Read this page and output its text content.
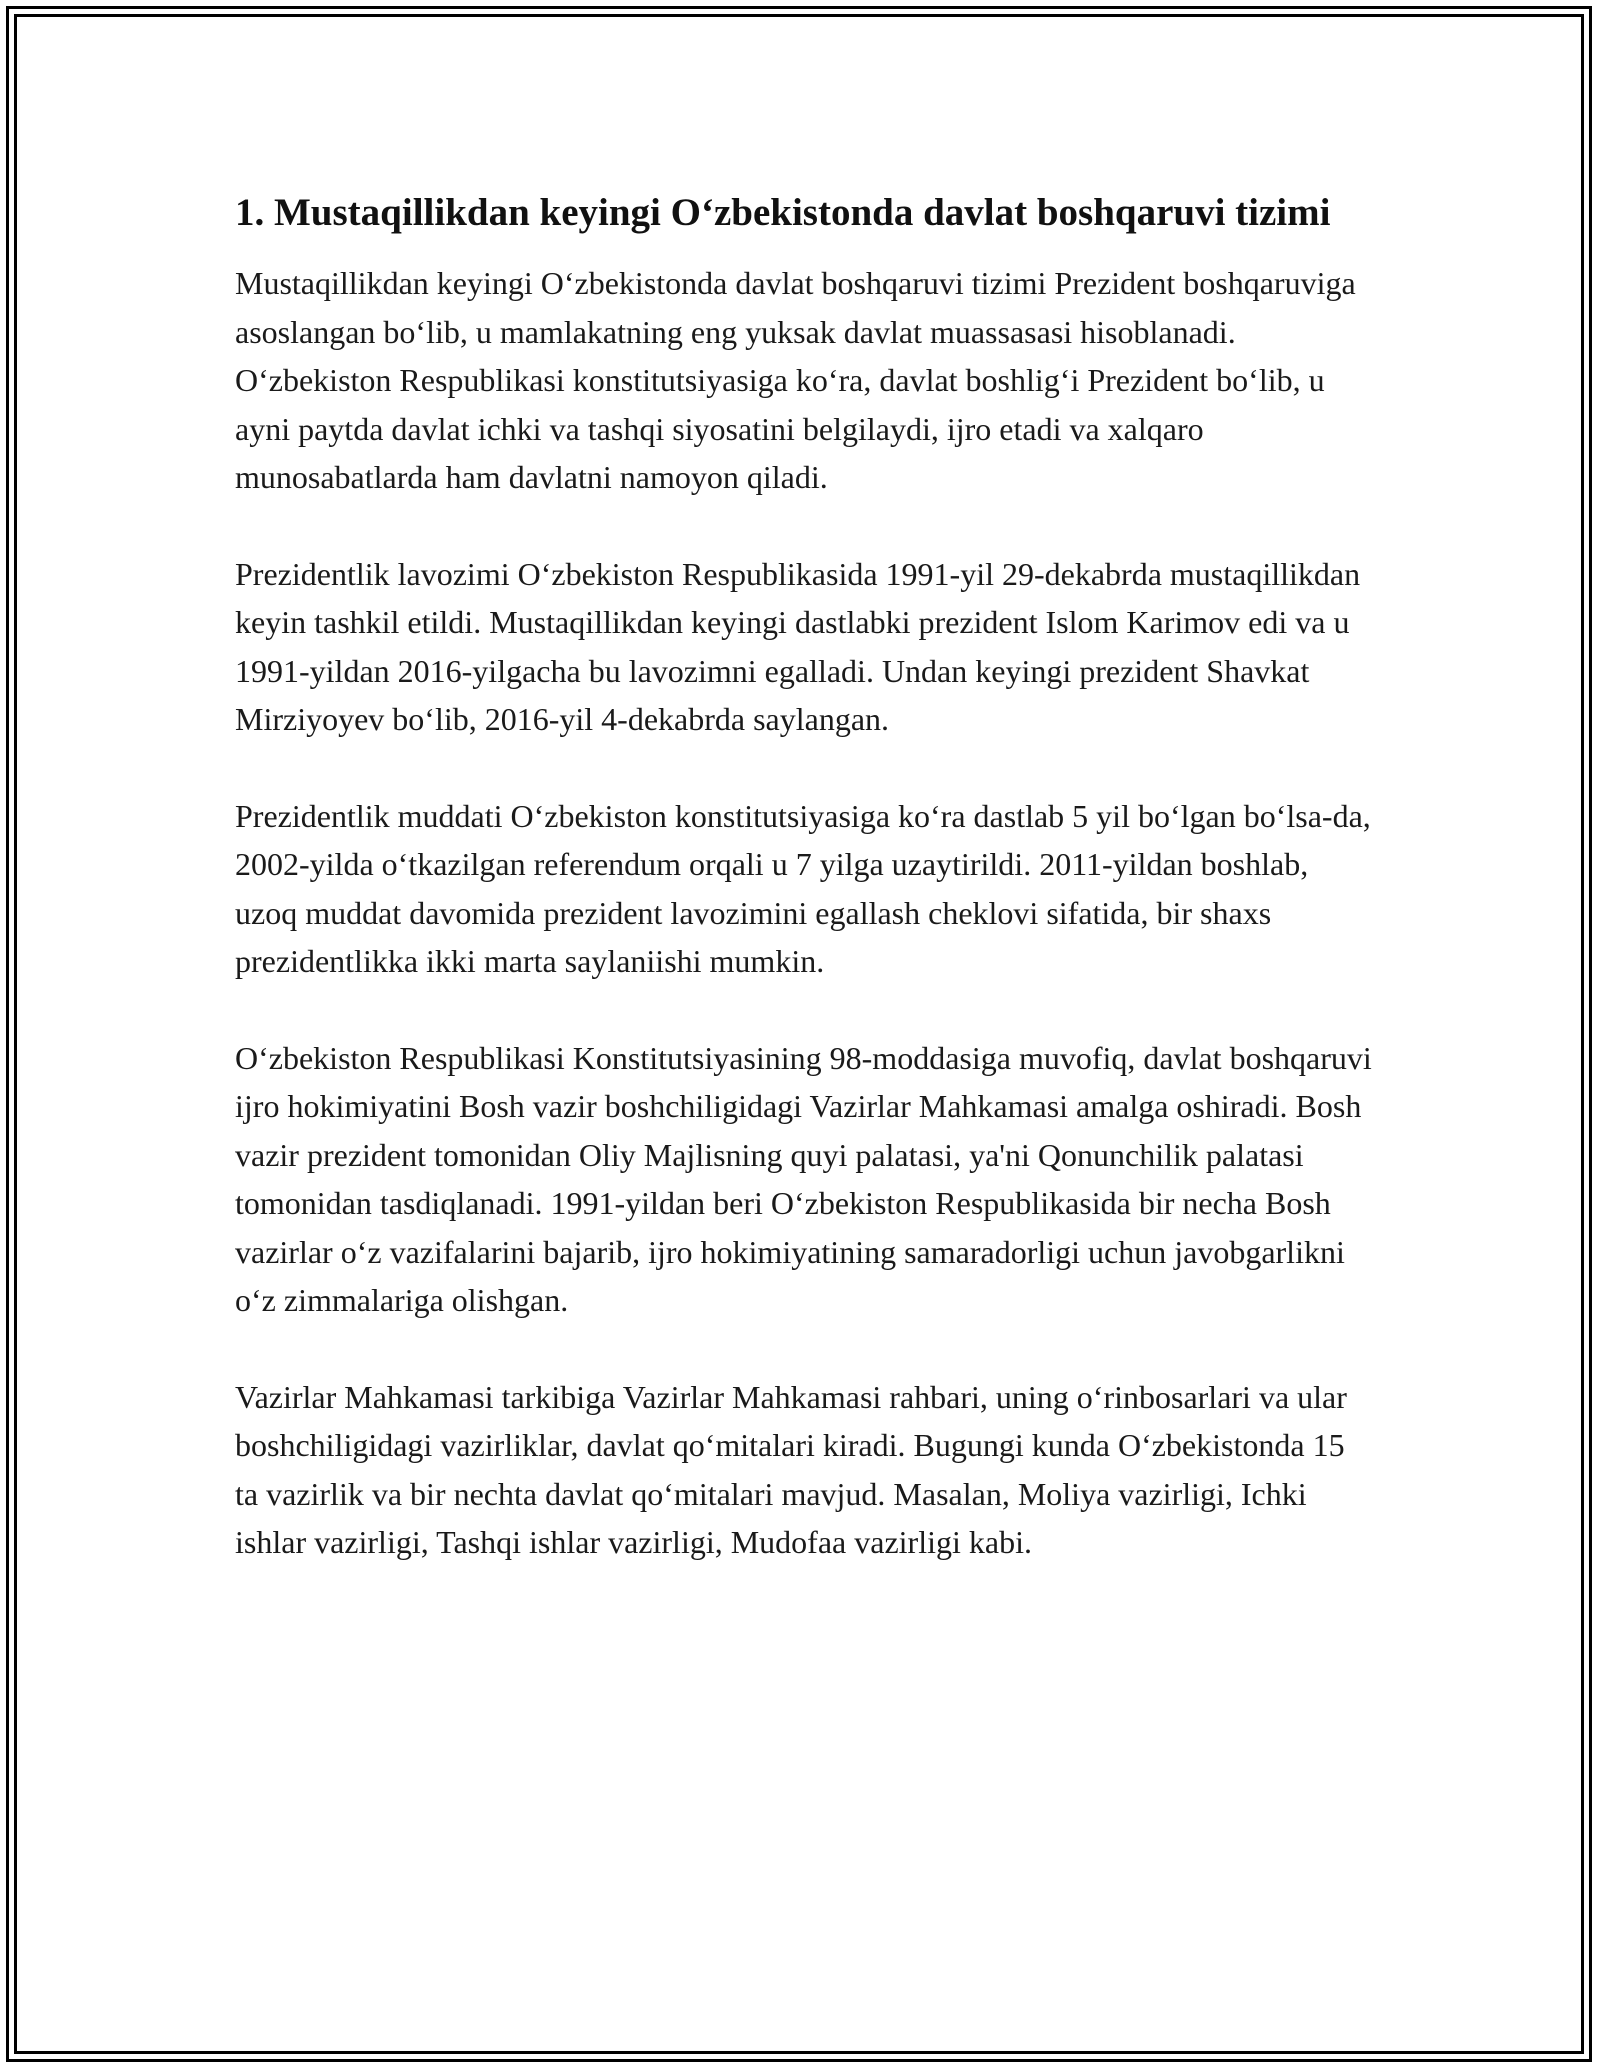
1. Mustaqillikdan keyingi O‘zbekistonda davlat boshqaruvi tizimi

Mustaqillikdan keyingi O‘zbekistonda davlat boshqaruvi tizimi Prezident boshqaruviga asoslangan bo‘lib, u mamlakatning eng yuksak davlat muassasasi hisoblanadi. O‘zbekiston Respublikasi konstitutsiyasiga ko‘ra, davlat boshlig‘i Prezident bo‘lib, u ayni paytda davlat ichki va tashqi siyosatini belgilaydi, ijro etadi va xalqaro munosabatlarda ham davlatni namoyon qiladi.

Prezidentlik lavozimi O‘zbekiston Respublikasida 1991-yil 29-dekabrda mustaqillikdan keyin tashkil etildi. Mustaqillikdan keyingi dastlabki prezident Islom Karimov edi va u 1991-yildan 2016-yilgacha bu lavozimni egalladi. Undan keyingi prezident Shavkat Mirziyoyev bo‘lib, 2016-yil 4-dekabrda saylangan.

Prezidentlik muddati O‘zbekiston konstitutsiyasiga ko‘ra dastlab 5 yil bo‘lgan bo‘lsa-da, 2002-yilda o‘tkazilgan referendum orqali u 7 yilga uzaytirildi. 2011-yildan boshlab, uzoq muddat davomida prezident lavozimini egallash cheklovi sifatida, bir shaxs prezidentlikka ikki marta saylaniishi mumkin.

O‘zbekiston Respublikasi Konstitutsiyasining 98-moddasiga muvofiq, davlat boshqaruvi ijro hokimiyatini Bosh vazir boshchiligidagi Vazirlar Mahkamasi amalga oshiradi. Bosh vazir prezident tomonidan Oliy Majlisning quyi palatasi, ya'ni Qonunchilik palatasi tomonidan tasdiqlanadi. 1991-yildan beri O‘zbekiston Respublikasida bir necha Bosh vazirlar o‘z vazifalarini bajarib, ijro hokimiyatining samaradorligi uchun javobgarlikni o‘z zimmalariga olishgan.

Vazirlar Mahkamasi tarkibiga Vazirlar Mahkamasi rahbari, uning o‘rinbosarlari va ular boshchiligidagi vazirliklar, davlat qo‘mitalari kiradi. Bugungi kunda O‘zbekistonda 15 ta vazirlik va bir nechta davlat qo‘mitalari mavjud. Masalan, Moliya vazirligi, Ichki ishlar vazirligi, Tashqi ishlar vazirligi, Mudofaa vazirligi kabi.
